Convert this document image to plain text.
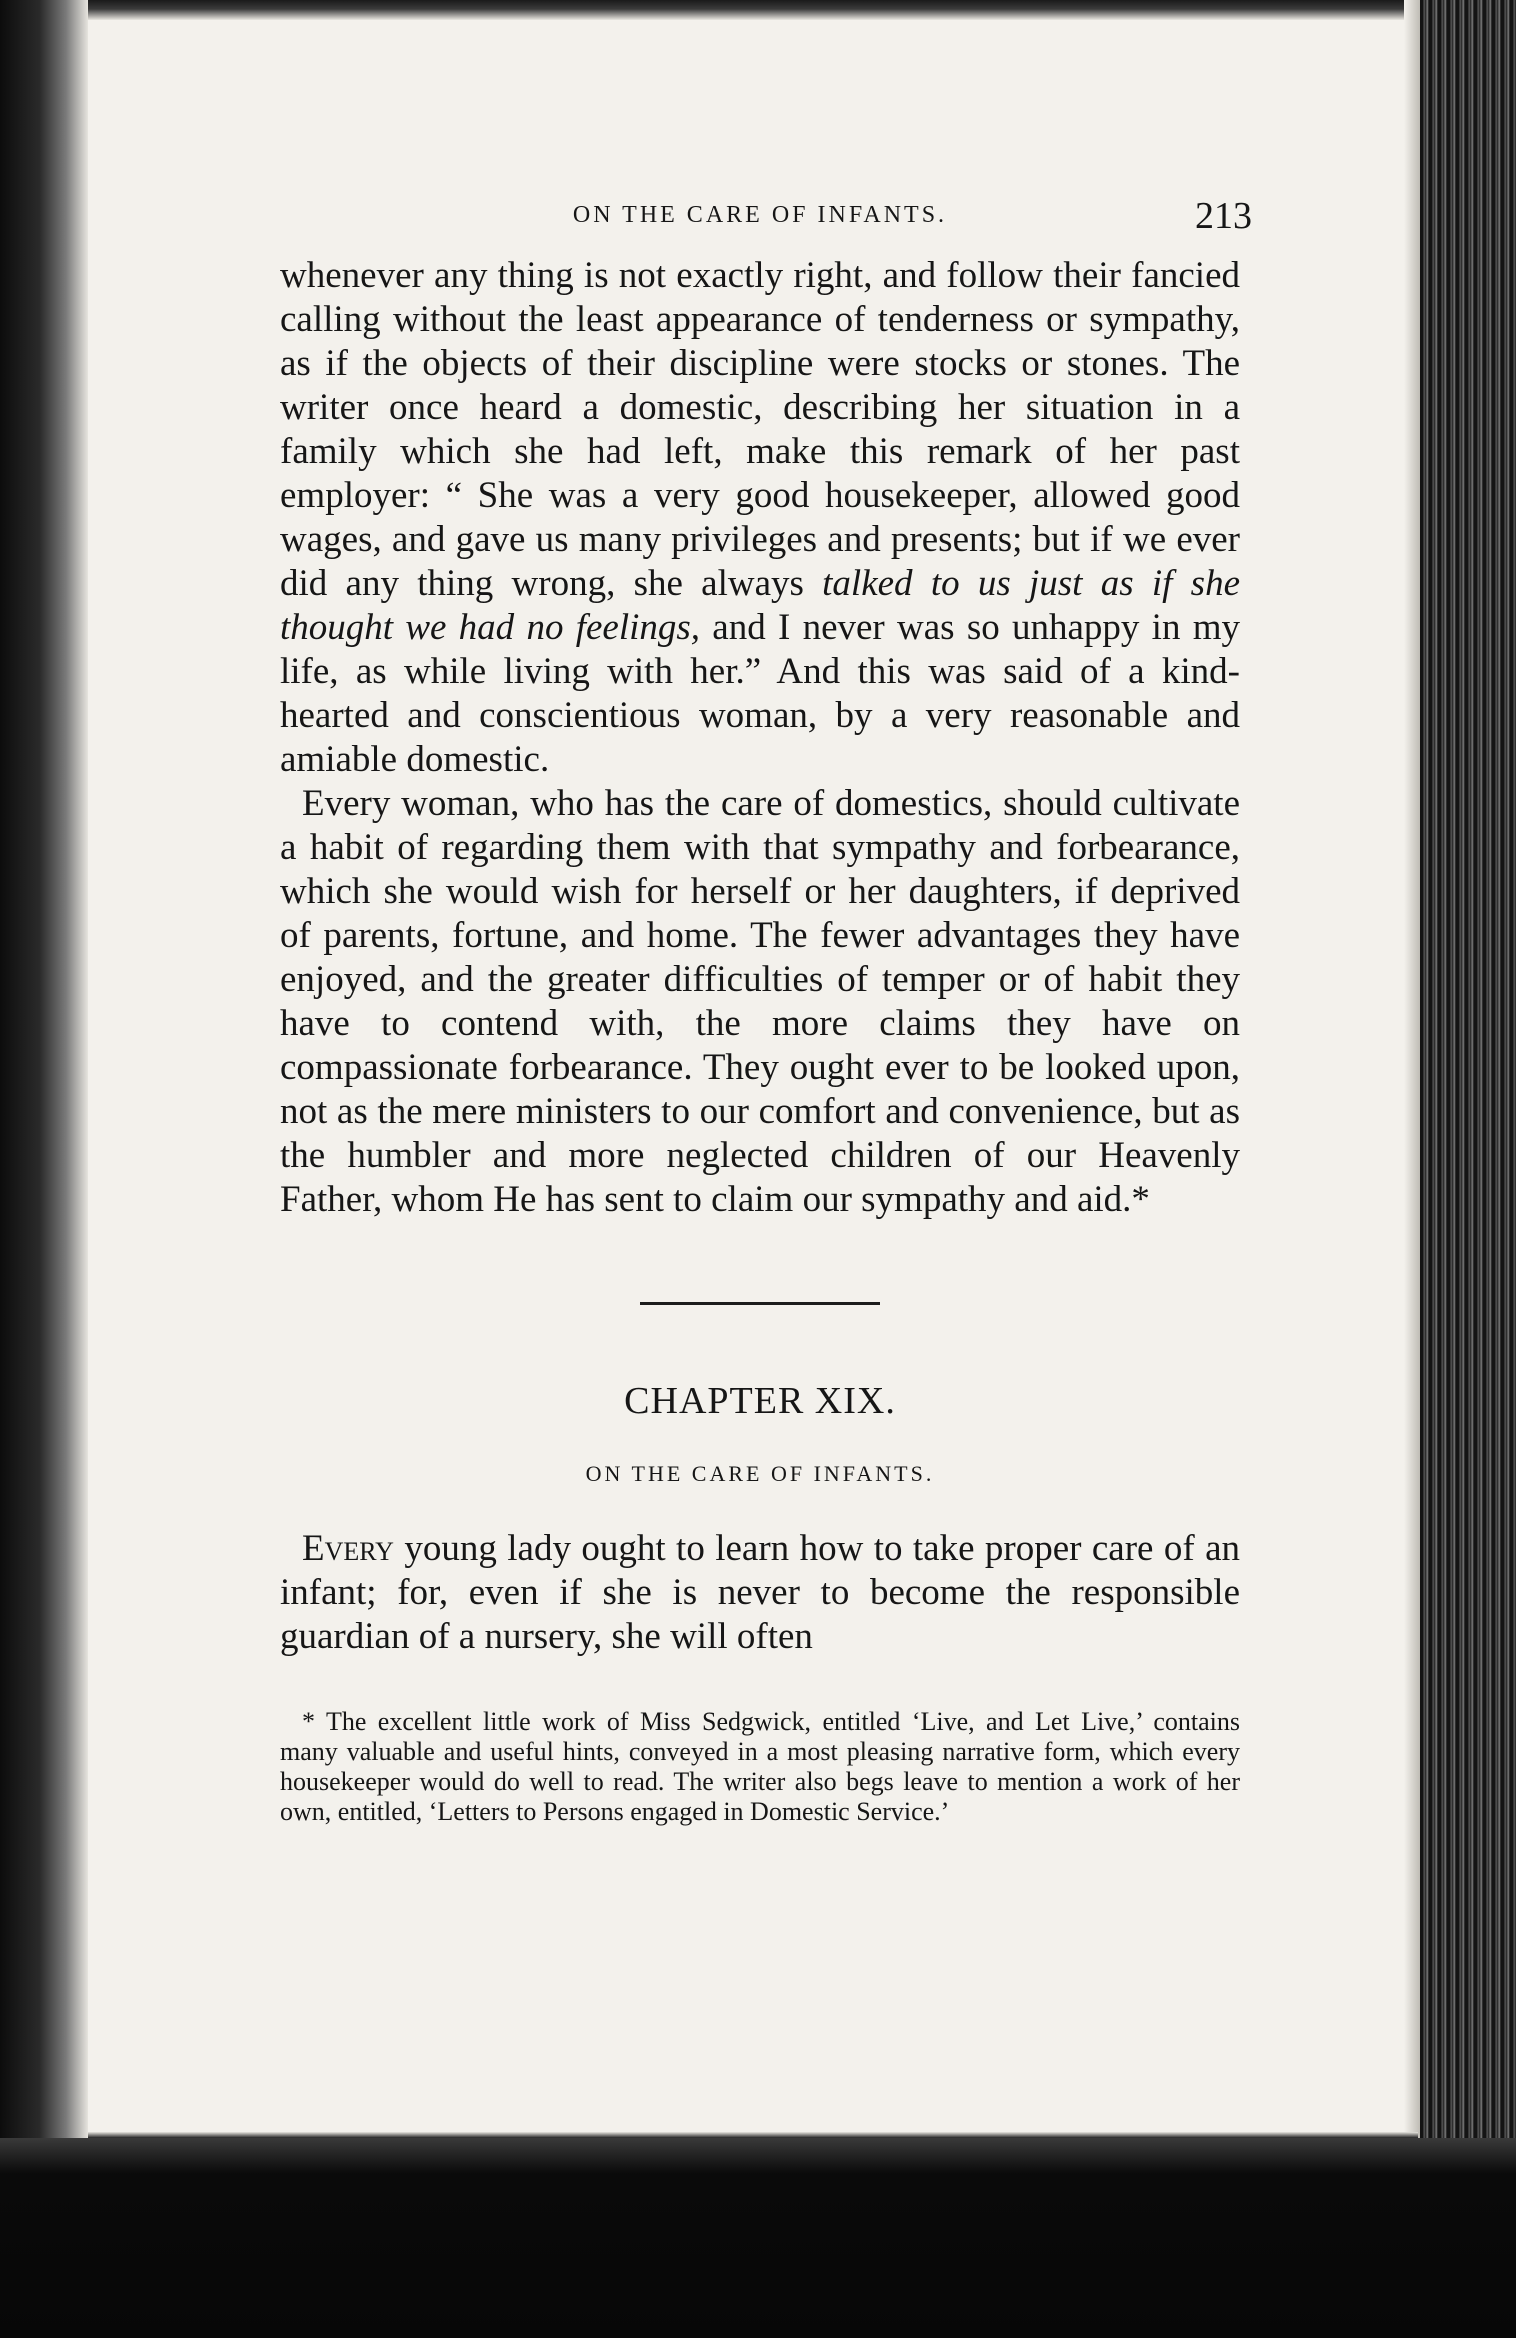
ON THE CARE OF INFANTS.	213

whenever any thing is not exactly right, and follow their fancied calling without the least appearance of tenderness or sympathy, as if the objects of their discipline were stocks or stones. The writer once heard a domestic, describing her situation in a family which she had left, make this remark of her past employer: “ She was a very good housekeeper, allowed good wages, and gave us many privileges and presents; but if we ever did any thing wrong, she always talked to us just as if she thought we had no feelings, and I never was so unhappy in my life, as while living with her.” And this was said of a kind-hearted and conscientious woman, by a very reasonable and amiable domestic.

Every woman, who has the care of domestics, should cultivate a habit of regarding them with that sympathy and forbearance, which she would wish for herself or her daughters, if deprived of parents, fortune, and home. The fewer advantages they have enjoyed, and the greater difficulties of temper or of habit they have to contend with, the more claims they have on compassionate forbearance. They ought ever to be looked upon, not as the mere ministers to our comfort and convenience, but as the humbler and more neglected children of our Heavenly Father, whom He has sent to claim our sympathy and aid.*

CHAPTER XIX.
ON THE CARE OF INFANTS.

Every young lady ought to learn how to take proper care of an infant; for, even if she is never to become the responsible guardian of a nursery, she will often

* The excellent little work of Miss Sedgwick, entitled ‘Live, and Let Live,’ contains many valuable and useful hints, conveyed in a most pleasing narrative form, which every housekeeper would do well to read. The writer also begs leave to mention a work of her own, entitled, ‘Letters to Persons engaged in Domestic Service.’
